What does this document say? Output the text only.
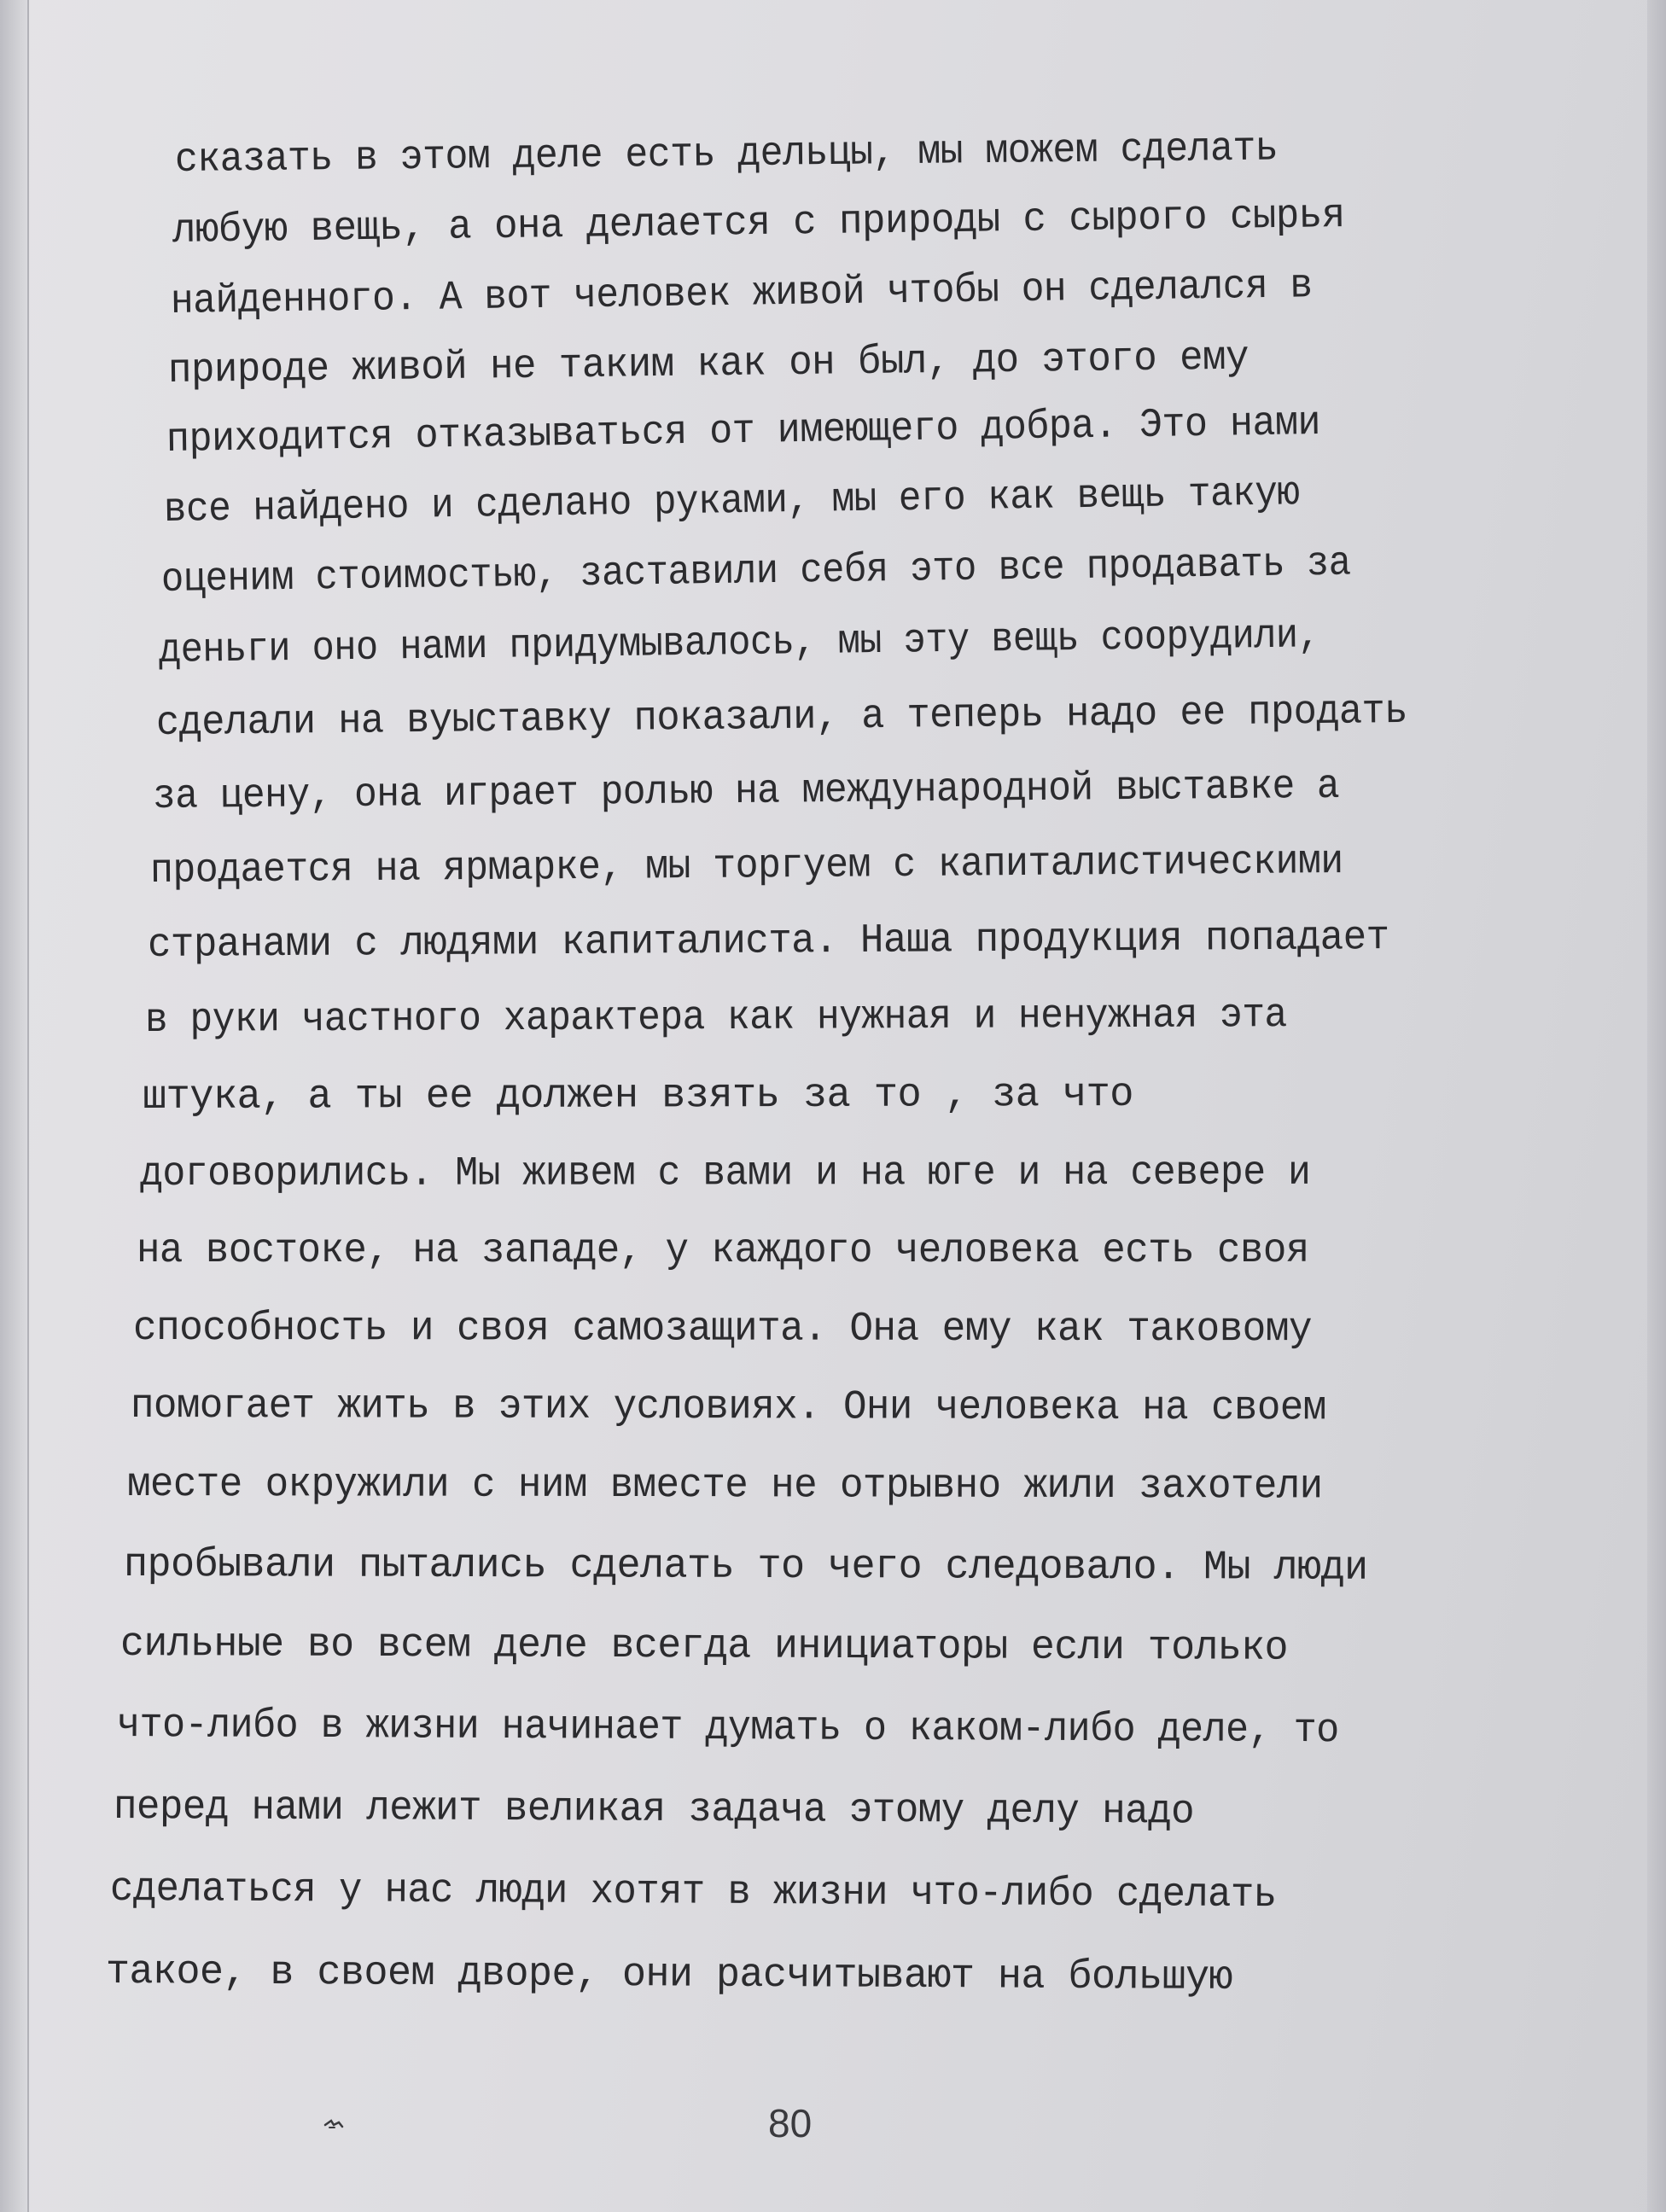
сказать в этом деле есть дельцы, мы можем сделать
любую вещь, а она делается с природы с сырого сырья
найденного. А вот человек живой чтобы он сделался в
природе живой не таким как он был, до этого ему
приходится отказываться от имеющего добра. Это нами
все найдено и сделано руками, мы его как вещь такую
оценим стоимостью, заставили себя это все продавать за
деньги оно нами придумывалось, мы эту вещь соорудили,
сделали на вуыставку показали, а теперь надо ее продать
за цену, она играет ролью на международной выставке а
продается на ярмарке, мы торгуем с капиталистическими
странами с людями капиталиста. Наша продукция попадает
в руки частного характера как нужная и ненужная эта
штука, а ты ее должен взять за то , за что
договорились. Мы живем с вами и на юге и на севере и
на востоке, на западе, у каждого человека есть своя
способность и своя самозащита. Она ему как таковому
помогает жить в этих условиях. Они человека на своем
месте окружили с ним вместе не отрывно жили захотели
пробывали пытались сделать то чего следовало. Мы люди
сильные во всем деле всегда инициаторы если только
что-либо в жизни начинает думать о каком-либо деле, то
перед нами лежит великая задача этому делу надо
сделаться у нас люди хотят в жизни что-либо сделать
такое, в своем дворе, они расчитывают на большую
80
